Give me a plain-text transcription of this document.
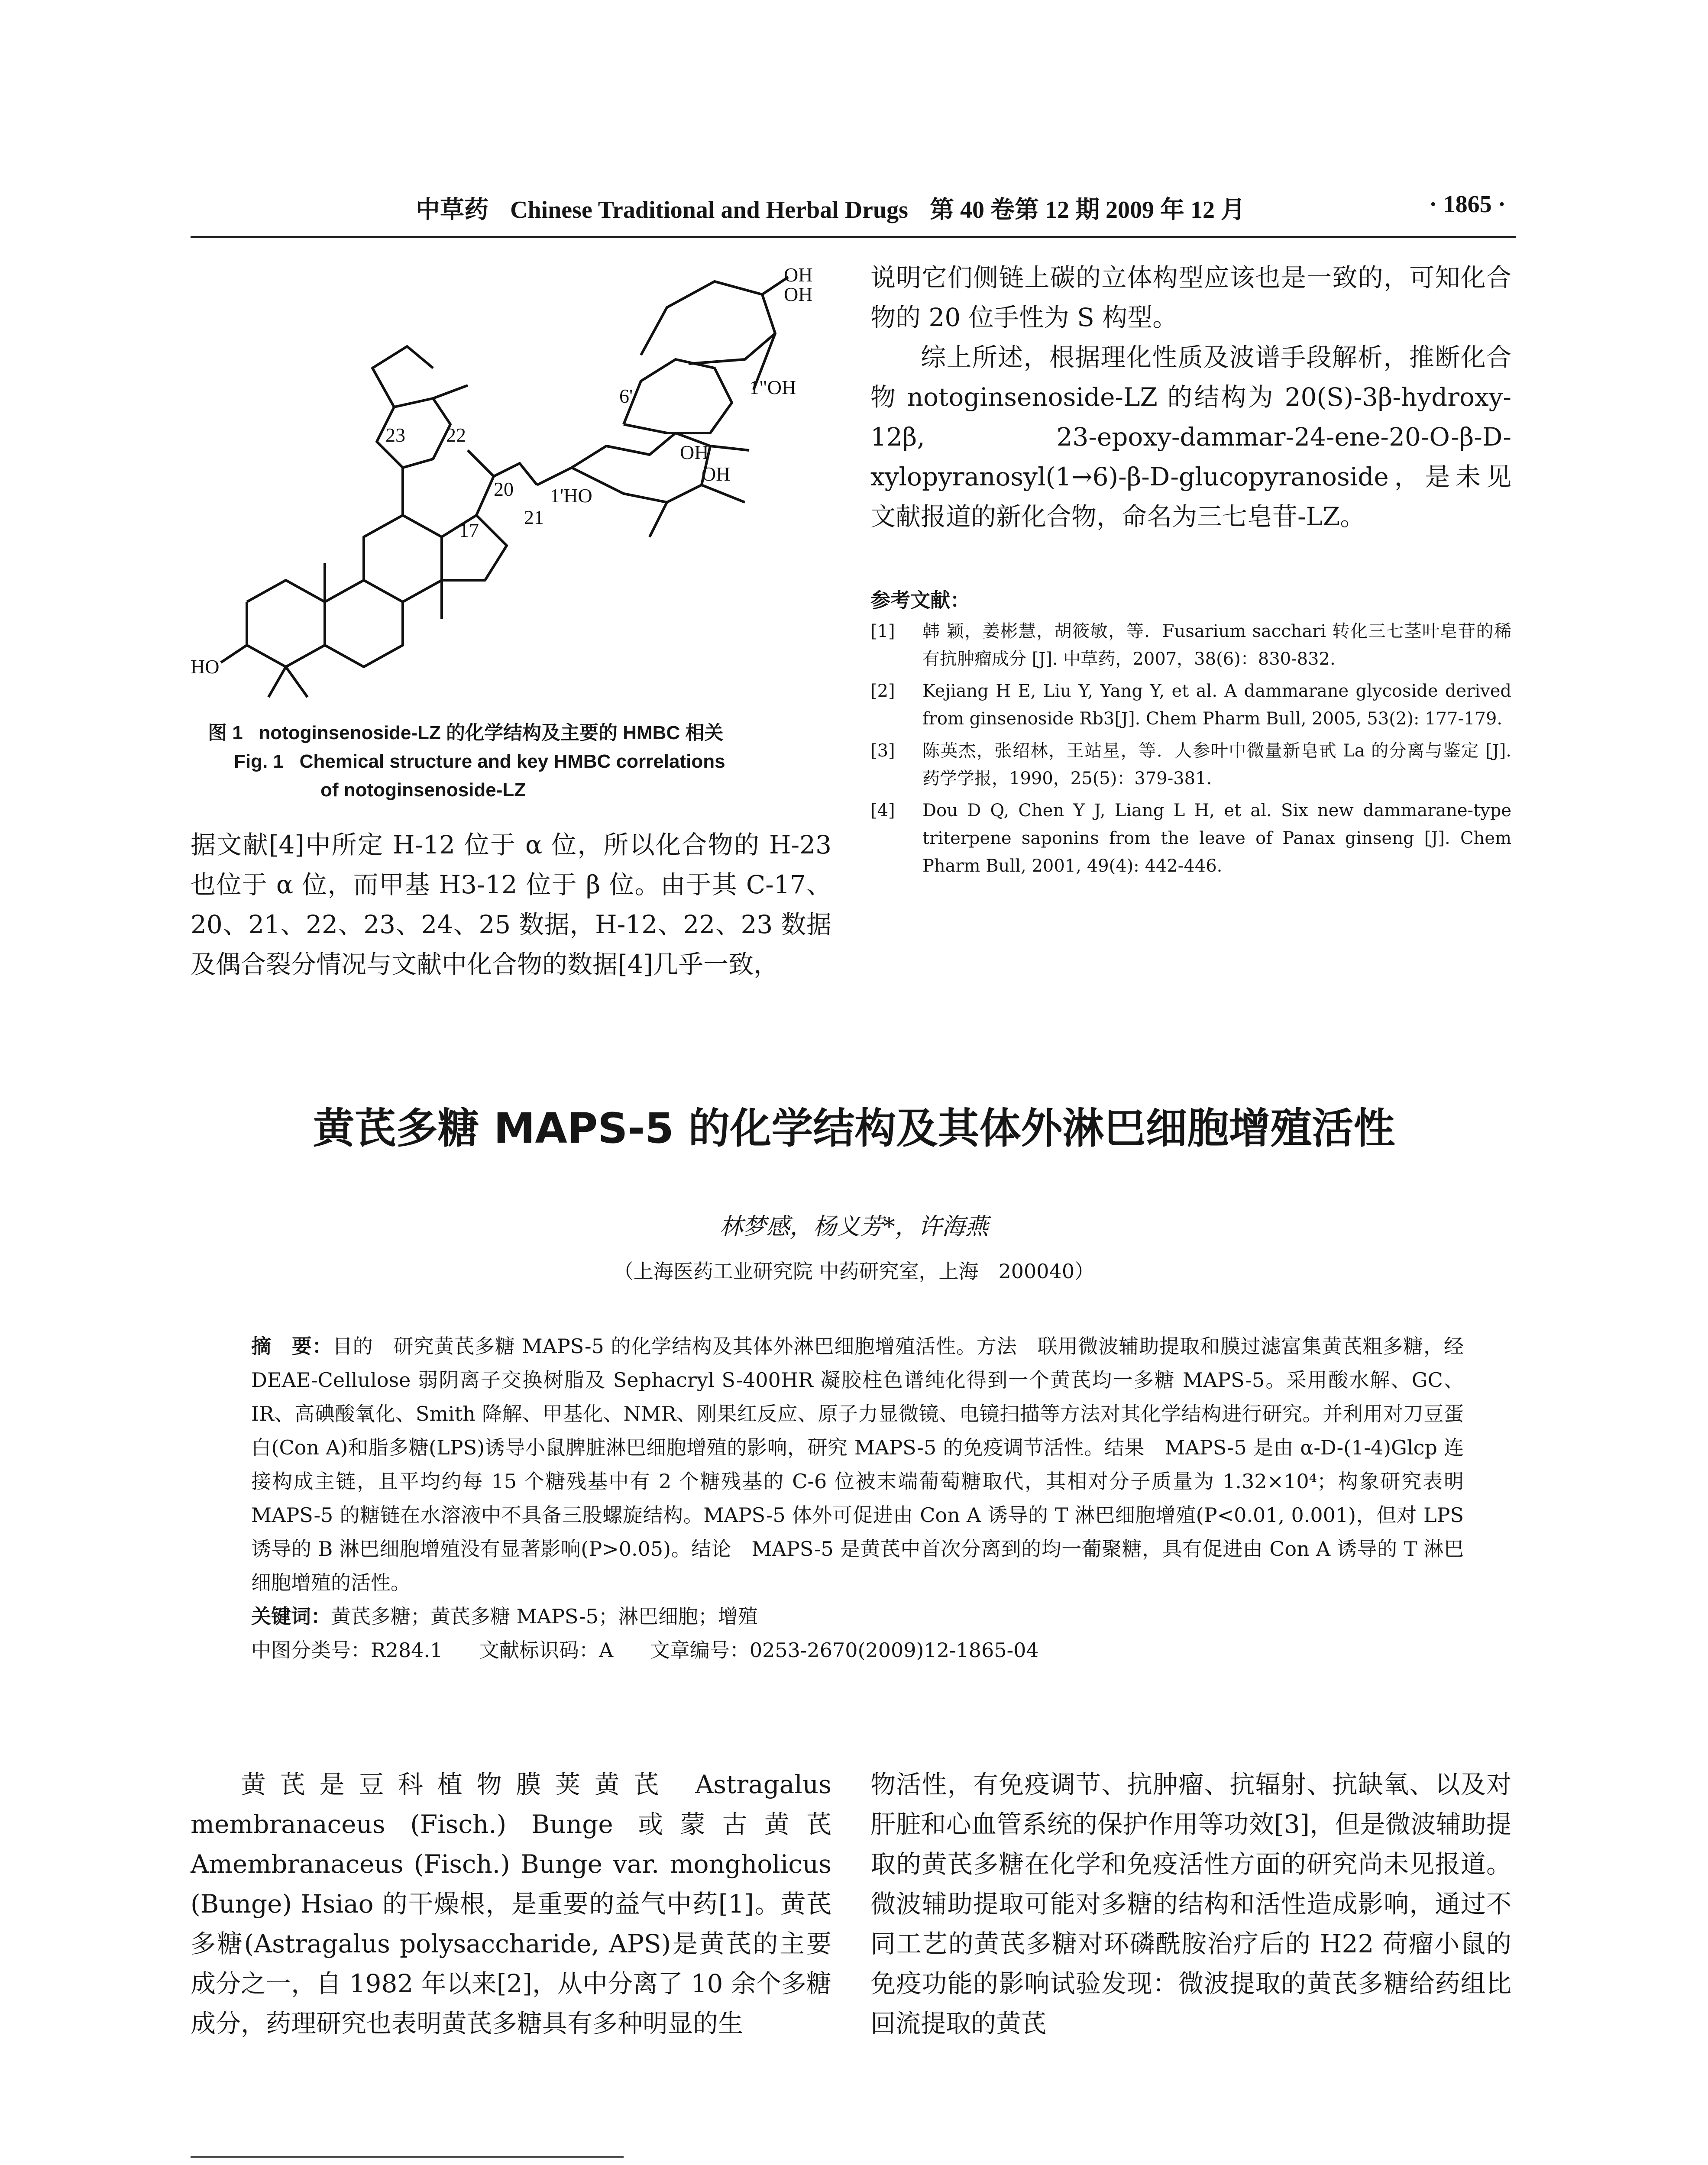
中草药 Chinese Traditional and Herbal Drugs 第 40 卷第 12 期 2009 年 12 月	· 1865 ·
OH
OH
6'	1"OH
23 22
OH
OH
20 1'HO
21
17
HO
图 1 notoginsenoside-LZ 的化学结构及主要的 HMBC 相关
Fig. 1 Chemical structure and key HMBC correlations
of notoginsenoside-LZ

据文献[4]中所定 H-12 位于 α 位，所以化合物的 H-23 也位于 α 位，而甲基 H3-12 位于 β 位。由于其 C-17、20、21、22、23、24、25 数据，H-12、22、23 数据及偶合裂分情况与文献中化合物的数据[4]几乎一致，

说明它们侧链上碳的立体构型应该也是一致的，可知化合物的 20 位手性为 S 构型。

综上所述，根据理化性质及波谱手段解析，推断化合物 notoginsenoside-LZ 的结构为 20(S)-3β-hydroxy-12β, 23-epoxy-dammar-24-ene-20-O-β-D-xylopyranosyl(1→6)-β-D-glucopyranoside，是未见文献报道的新化合物，命名为三七皂苷-LZ。

参考文献：
[1] 韩 颖，姜彬慧，胡筱敏，等．Fusarium sacchari 转化三七茎叶皂苷的稀有抗肿瘤成分 [J]. 中草药，2007，38(6)：830-832.
[2] Kejiang H E, Liu Y, Yang Y, et al. A dammarane glycoside derived from ginsenoside Rb3[J]. Chem Pharm Bull, 2005, 53(2): 177-179.
[3] 陈英杰，张绍林，王站星，等．人参叶中微量新皂甙 La 的分离与鉴定 [J]. 药学学报，1990，25(5)：379-381.
[4] Dou D Q, Chen Y J, Liang L H, et al. Six new dammarane-type triterpene saponins from the leave of Panax ginseng [J]. Chem Pharm Bull, 2001, 49(4): 442-446.
黄芪多糖 MAPS-5 的化学结构及其体外淋巴细胞增殖活性
林梦感，杨义芳*，许海燕
（上海医药工业研究院 中药研究室，上海　200040）

摘　要：目的　研究黄芪多糖 MAPS-5 的化学结构及其体外淋巴细胞增殖活性。方法　联用微波辅助提取和膜过滤富集黄芪粗多糖，经 DEAE-Cellulose 弱阴离子交换树脂及 Sephacryl S-400HR 凝胶柱色谱纯化得到一个黄芪均一多糖 MAPS-5。采用酸水解、GC、IR、高碘酸氧化、Smith 降解、甲基化、NMR、刚果红反应、原子力显微镜、电镜扫描等方法对其化学结构进行研究。并利用对刀豆蛋白(Con A)和脂多糖(LPS)诱导小鼠脾脏淋巴细胞增殖的影响，研究 MAPS-5 的免疫调节活性。结果　MAPS-5 是由 α-D-(1-4)Glcp 连接构成主链，且平均约每 15 个糖残基中有 2 个糖残基的 C-6 位被末端葡萄糖取代，其相对分子质量为 1.32×10⁴；构象研究表明 MAPS-5 的糖链在水溶液中不具备三股螺旋结构。MAPS-5 体外可促进由 Con A 诱导的 T 淋巴细胞增殖(P<0.01, 0.001)，但对 LPS 诱导的 B 淋巴细胞增殖没有显著影响(P>0.05)。结论　MAPS-5 是黄芪中首次分离到的均一葡聚糖，具有促进由 Con A 诱导的 T 淋巴细胞增殖的活性。

关键词：黄芪多糖；黄芪多糖 MAPS-5；淋巴细胞；增殖

中图分类号：R284.1 文献标识码：A 文章编号：0253-2670(2009)12-1865-04

黄芪是豆科植物膜荚黄芪 Astragalus membranaceus (Fisch.) Bunge 或蒙古黄芪 Amembranaceus (Fisch.) Bunge var. mongholicus (Bunge) Hsiao 的干燥根，是重要的益气中药[1]。黄芪多糖(Astragalus polysaccharide, APS)是黄芪的主要成分之一，自 1982 年以来[2]，从中分离了 10 余个多糖成分，药理研究也表明黄芪多糖具有多种明显的生

物活性，有免疫调节、抗肿瘤、抗辐射、抗缺氧、以及对肝脏和心血管系统的保护作用等功效[3]，但是微波辅助提取的黄芪多糖在化学和免疫活性方面的研究尚未见报道。微波辅助提取可能对多糖的结构和活性造成影响，通过不同工艺的黄芪多糖对环磷酰胺治疗后的 H22 荷瘤小鼠的免疫功能的影响试验发现：微波提取的黄芪多糖给药组比回流提取的黄芪
